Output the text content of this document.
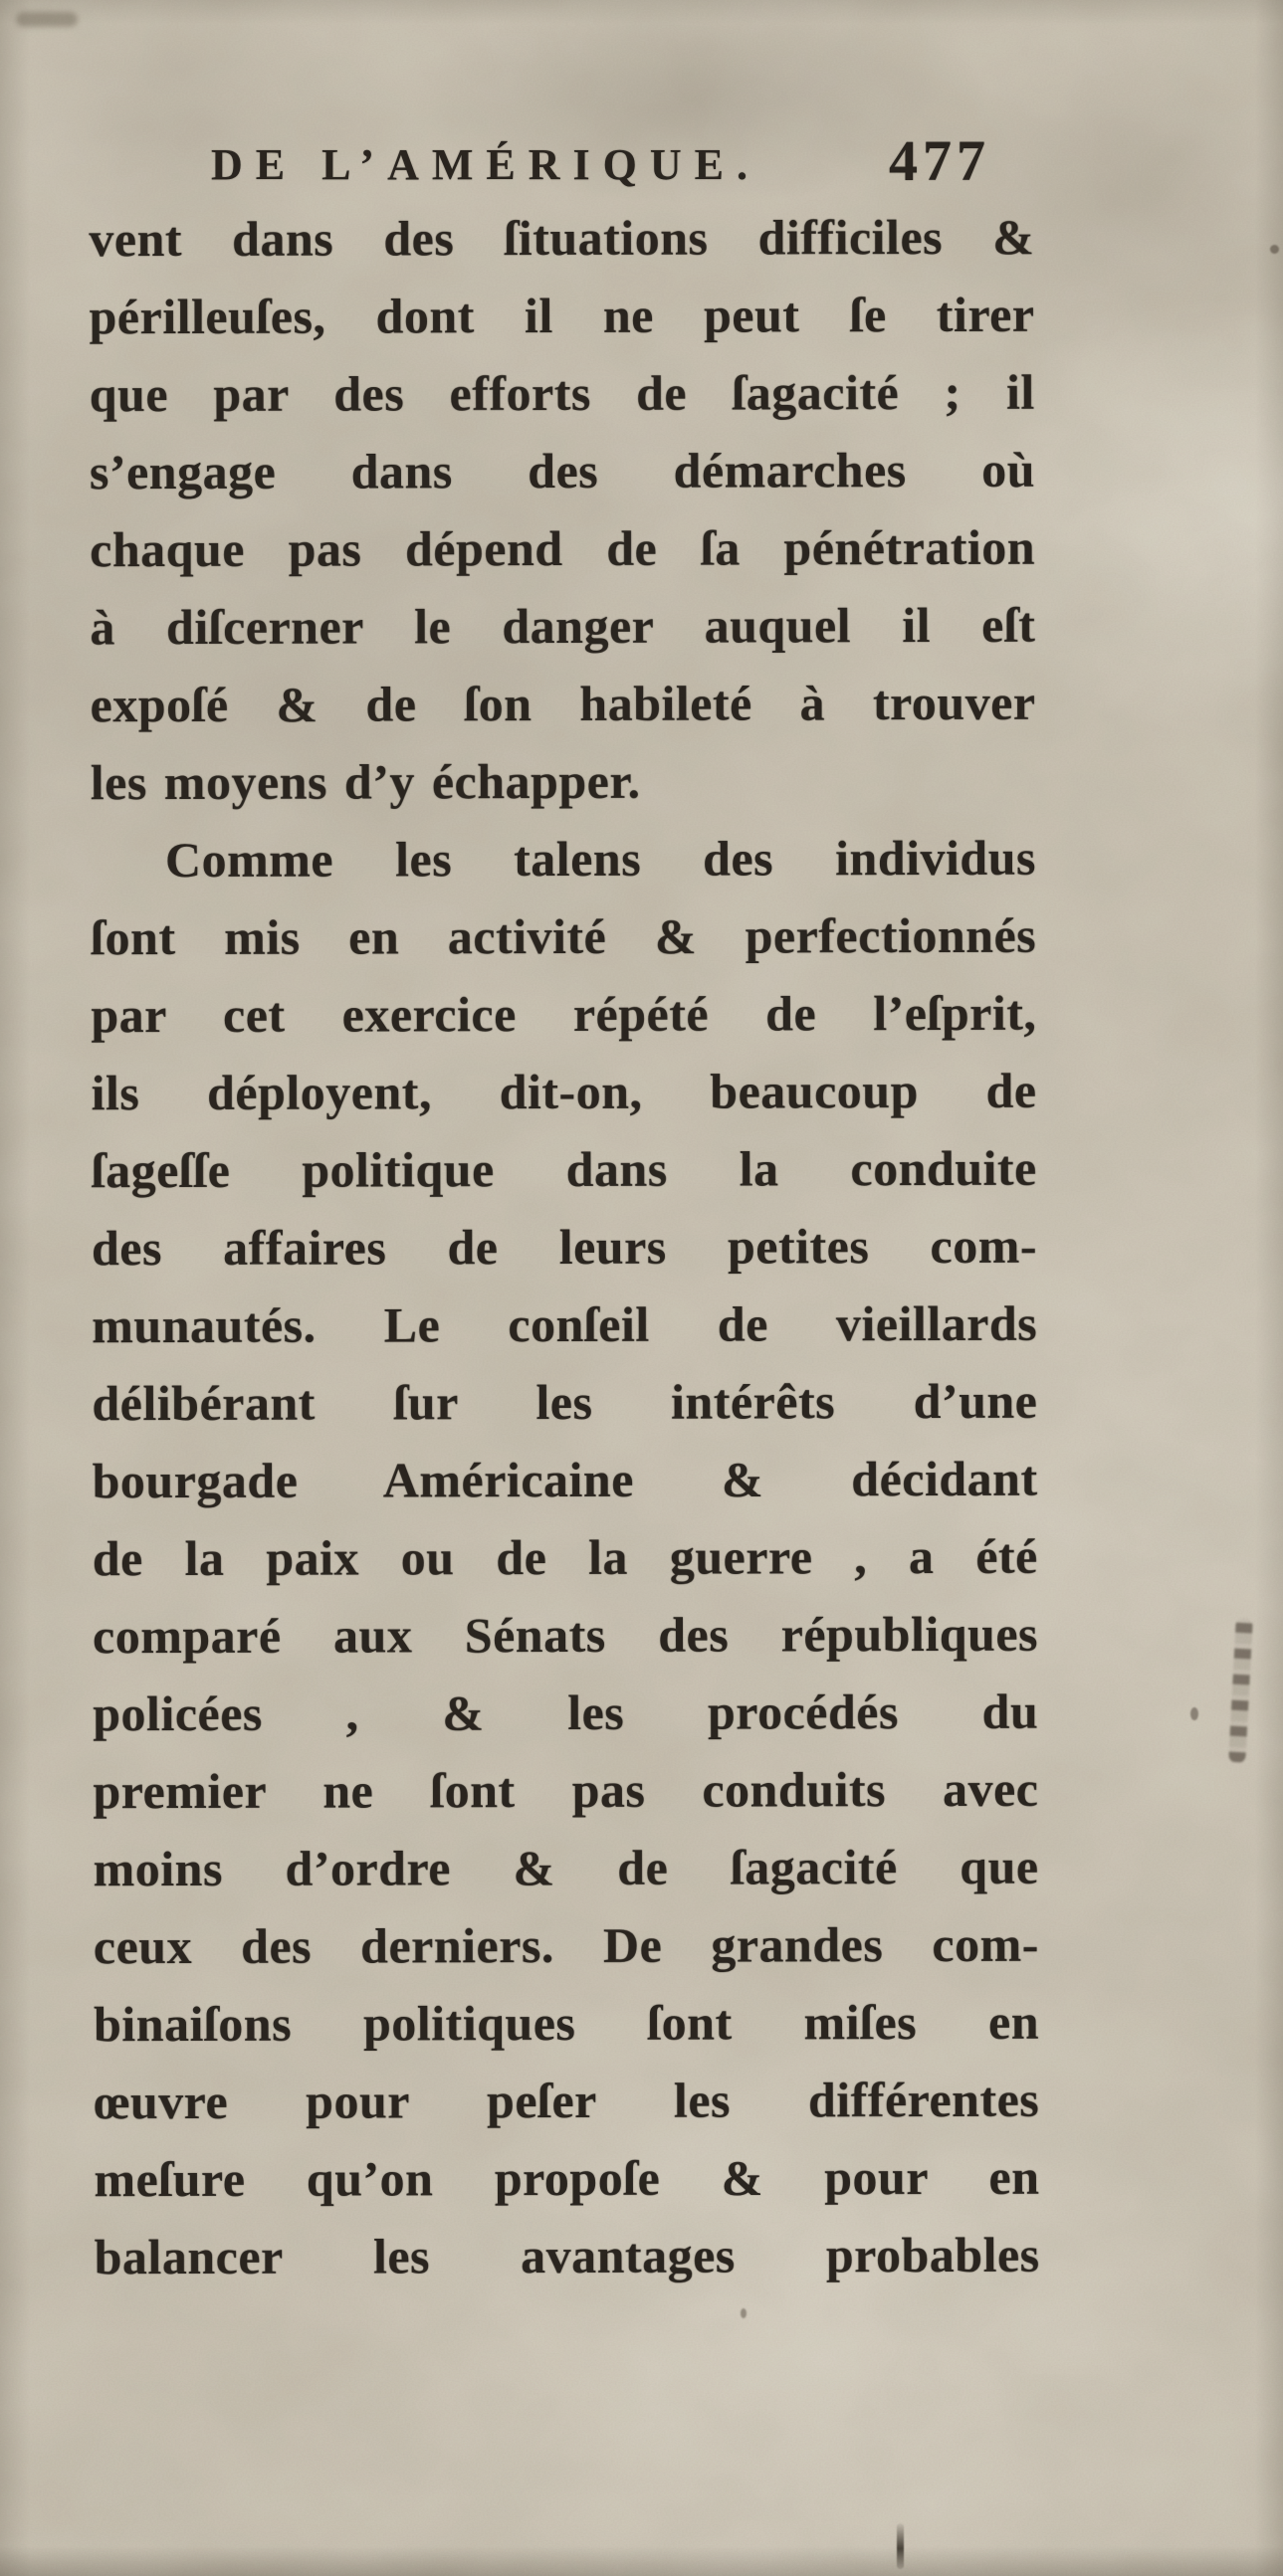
DE L’AMÉRIQUE. 477
vent dans des ſituations difficiles &
périlleuſes, dont il ne peut ſe tirer
que par des efforts de ſagacité ; il
s’engage dans des démarches où
chaque pas dépend de ſa pénétration
à diſcerner le danger auquel il eſt
expoſé & de ſon habileté à trouver
les moyens d’y échapper.
Comme les talens des individus
ſont mis en activité & perfectionnés
par cet exercice répété de l’eſprit,
ils déployent, dit-on, beaucoup de
ſageſſe politique dans la conduite
des affaires de leurs petites com-
munautés. Le conſeil de vieillards
délibérant ſur les intérêts d’une
bourgade Américaine & décidant
de la paix ou de la guerre , a été
comparé aux Sénats des républiques
policées , & les procédés du
premier ne ſont pas conduits avec
moins d’ordre & de ſagacité que
ceux des derniers. De grandes com-
binaiſons politiques ſont miſes en
œuvre pour peſer les différentes
meſure qu’on propoſe & pour en
balancer les avantages probables
